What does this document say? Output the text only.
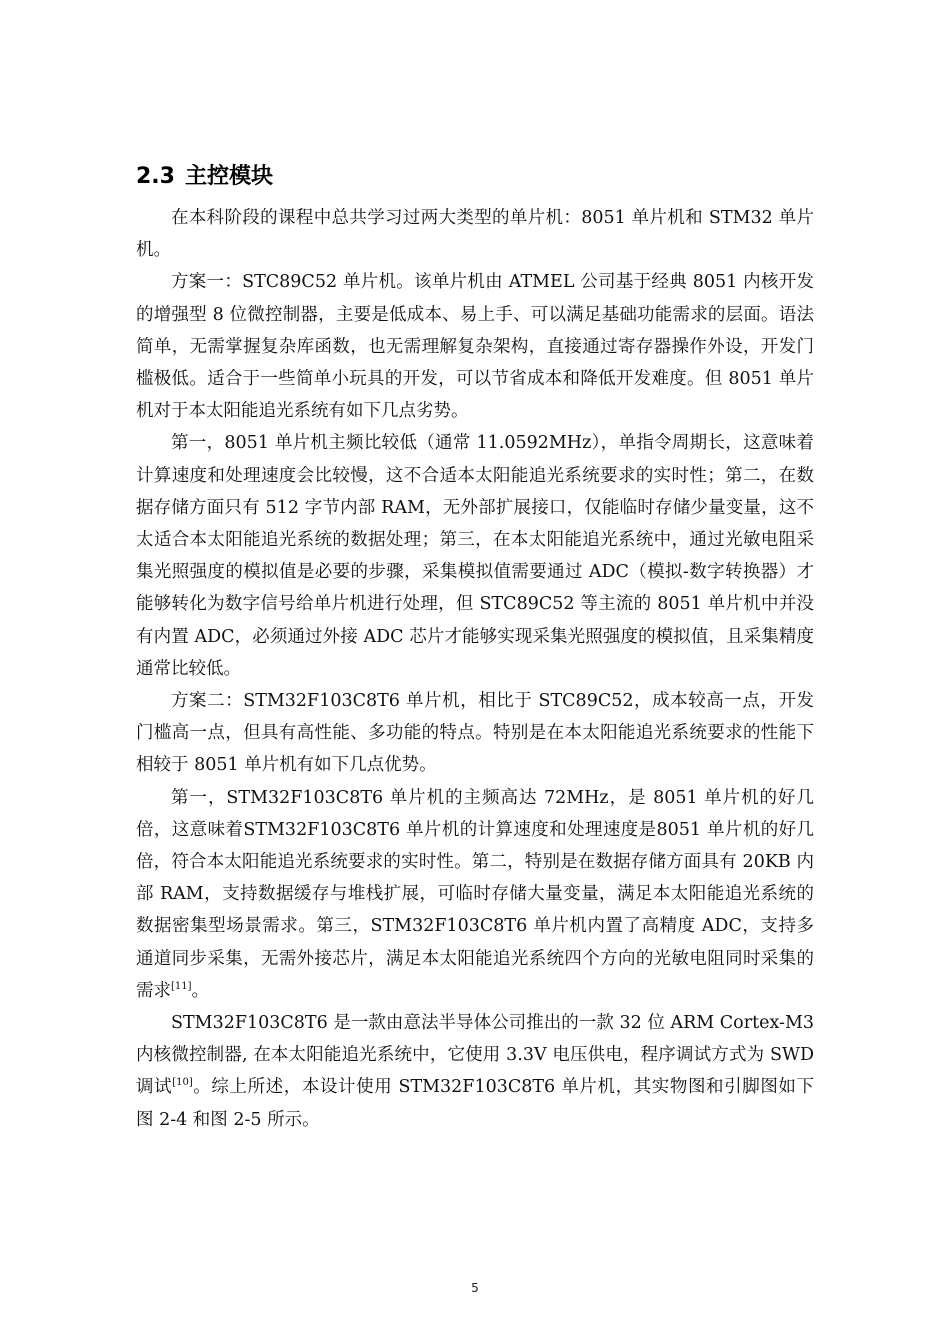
2.3 主控模块

在本科阶段的课程中总共学习过两大类型的单片机：8051 单片机和 STM32 单片机。

方案一：STC89C52 单片机。该单片机由 ATMEL 公司基于经典 8051 内核开发的增强型 8 位微控制器，主要是低成本、易上手、可以满足基础功能需求的层面。语法简单，无需掌握复杂库函数，也无需理解复杂架构，直接通过寄存器操作外设，开发门槛极低。适合于一些简单小玩具的开发，可以节省成本和降低开发难度。但 8051 单片机对于本太阳能追光系统有如下几点劣势。

第一，8051 单片机主频比较低（通常 11.0592MHz），单指令周期长，这意味着计算速度和处理速度会比较慢，这不合适本太阳能追光系统要求的实时性；第二，在数据存储方面只有 512 字节内部 RAM，无外部扩展接口，仅能临时存储少量变量，这不太适合本太阳能追光系统的数据处理；第三，在本太阳能追光系统中，通过光敏电阻采集光照强度的模拟值是必要的步骤，采集模拟值需要通过 ADC（模拟-数字转换器）才能够转化为数字信号给单片机进行处理，但 STC89C52 等主流的 8051 单片机中并没有内置 ADC，必须通过外接 ADC 芯片才能够实现采集光照强度的模拟值，且采集精度通常比较低。

方案二：STM32F103C8T6 单片机，相比于 STC89C52，成本较高一点，开发门槛高一点，但具有高性能、多功能的特点。特别是在本太阳能追光系统要求的性能下相较于 8051 单片机有如下几点优势。

第一，STM32F103C8T6 单片机的主频高达 72MHz，是 8051 单片机的好几倍，这意味着STM32F103C8T6 单片机的计算速度和处理速度是8051 单片机的好几倍，符合本太阳能追光系统要求的实时性。第二，特别是在数据存储方面具有 20KB 内部 RAM，支持数据缓存与堆栈扩展，可临时存储大量变量，满足本太阳能追光系统的数据密集型场景需求。第三，STM32F103C8T6 单片机内置了高精度 ADC，支持多通道同步采集，无需外接芯片，满足本太阳能追光系统四个方向的光敏电阻同时采集的需求[11]。

STM32F103C8T6 是一款由意法半导体公司推出的一款 32 位 ARM Cortex-M3 内核微控制器, 在本太阳能追光系统中，它使用 3.3V 电压供电，程序调试方式为 SWD 调试[10]。综上所述，本设计使用 STM32F103C8T6 单片机，其实物图和引脚图如下图 2-4 和图 2-5 所示。

5
